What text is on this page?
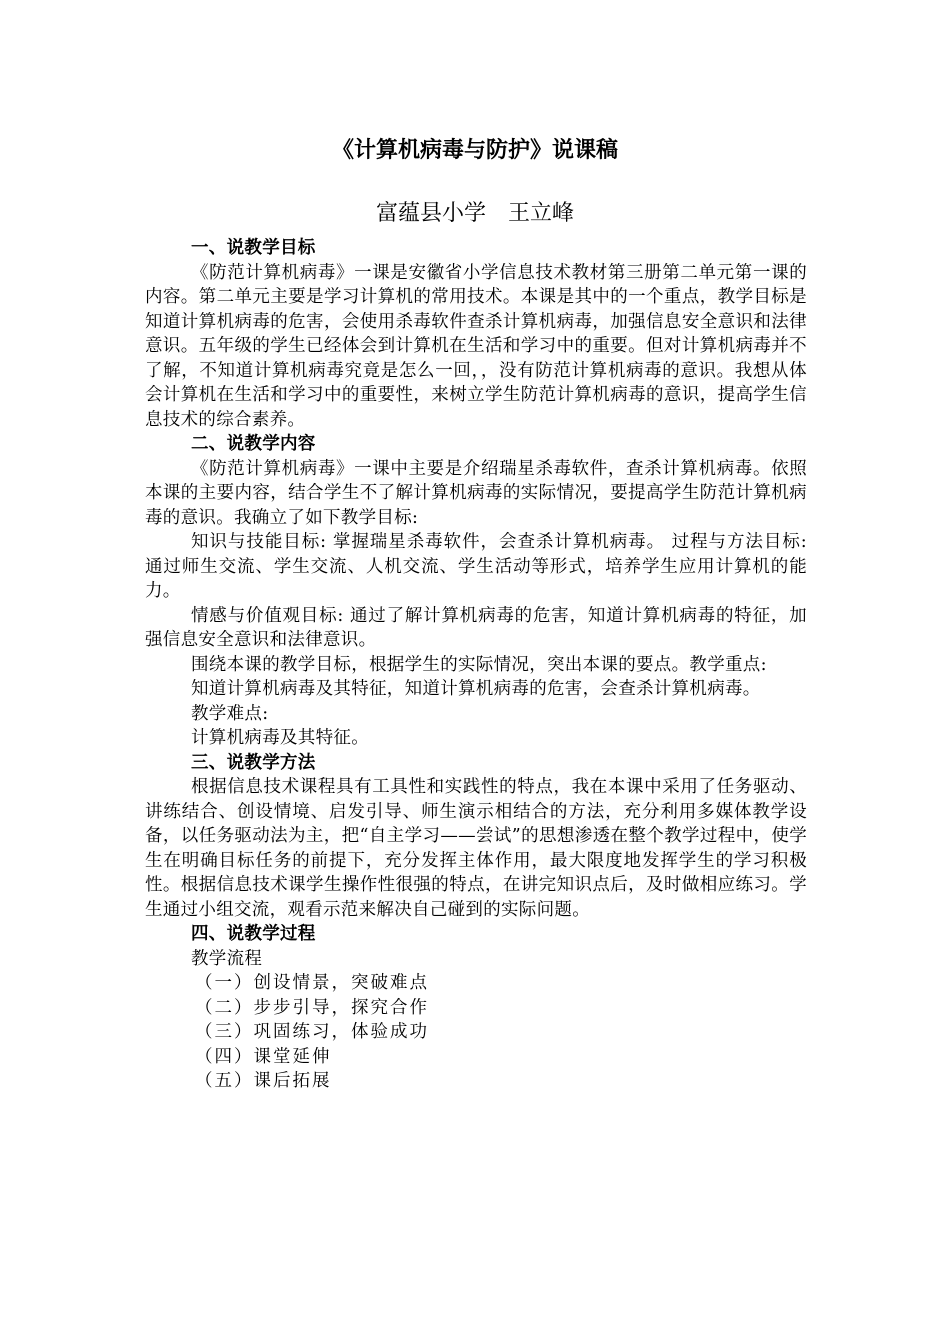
《计算机病毒与防护》说课稿
富蕴县小学　王立峰
一、说教学目标
《防范计算机病毒》一课是安徽省小学信息技术教材第三册第二单元第一课的内容。第二单元主要是学习计算机的常用技术。本课是其中的一个重点，教学目标是知道计算机病毒的危害，会使用杀毒软件查杀计算机病毒，加强信息安全意识和法律意识。五年级的学生已经体会到计算机在生活和学习中的重要。但对计算机病毒并不了解，不知道计算机病毒究竟是怎么一回，，没有防范计算机病毒的意识。我想从体会计算机在生活和学习中的重要性，来树立学生防范计算机病毒的意识，提高学生信息技术的综合素养。
二、说教学内容
《防范计算机病毒》一课中主要是介绍瑞星杀毒软件，查杀计算机病毒。依照本课的主要内容，结合学生不了解计算机病毒的实际情况，要提高学生防范计算机病毒的意识。我确立了如下教学目标:
知识与技能目标: 掌握瑞星杀毒软件，会查杀计算机病毒。 过程与方法目标: 通过师生交流、学生交流、人机交流、学生活动等形式，培养学生应用计算机的能力。
情感与价值观目标: 通过了解计算机病毒的危害，知道计算机病毒的特征，加强信息安全意识和法律意识。
围绕本课的教学目标，根据学生的实际情况，突出本课的要点。教学重点:
知道计算机病毒及其特征，知道计算机病毒的危害，会查杀计算机病毒。
教学难点:
计算机病毒及其特征。
三、说教学方法
根据信息技术课程具有工具性和实践性的特点，我在本课中采用了任务驱动、讲练结合、创设情境、启发引导、师生演示相结合的方法，充分利用多媒体教学设备，以任务驱动法为主，把“自主学习——尝试”的思想渗透在整个教学过程中，使学生在明确目标任务的前提下，充分发挥主体作用，最大限度地发挥学生的学习积极性。根据信息技术课学生操作性很强的特点，在讲完知识点后，及时做相应练习。学生通过小组交流，观看示范来解决自己碰到的实际问题。
四、说教学过程
教学流程
（一）创设情景，突破难点
（二）步步引导，探究合作
（三）巩固练习，体验成功
（四）课堂延伸
（五）课后拓展
